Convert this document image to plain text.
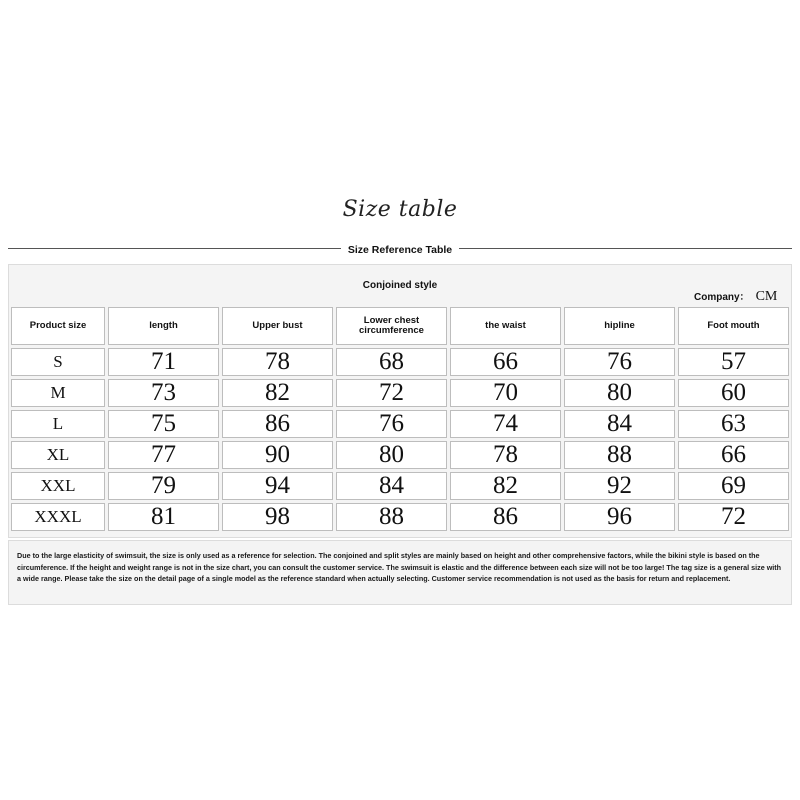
Size table
Size Reference Table
Conjoined style
Company： CM
Product size	length	Upper bust	Lower chest circumference	the waist	hipline	Foot mouth
S	71	78	68	66	76	57
M	73	82	72	70	80	60
L	75	86	76	74	84	63
XL	77	90	80	78	88	66
XXL	79	94	84	82	92	69
XXXL	81	98	88	86	96	72

Due to the large elasticity of swimsuit, the size is only used as a reference for selection. The conjoined and split styles are mainly based on height and other comprehensive factors, while the bikini style is based on the circumference. If the height and weight range is not in the size chart, you can consult the customer service. The swimsuit is elastic and the difference between each size will not be too large! The tag size is a general size with a wide range. Please take the size on the detail page of a single model as the reference standard when actually selecting. Customer service recommendation is not used as the basis for return and replacement.
